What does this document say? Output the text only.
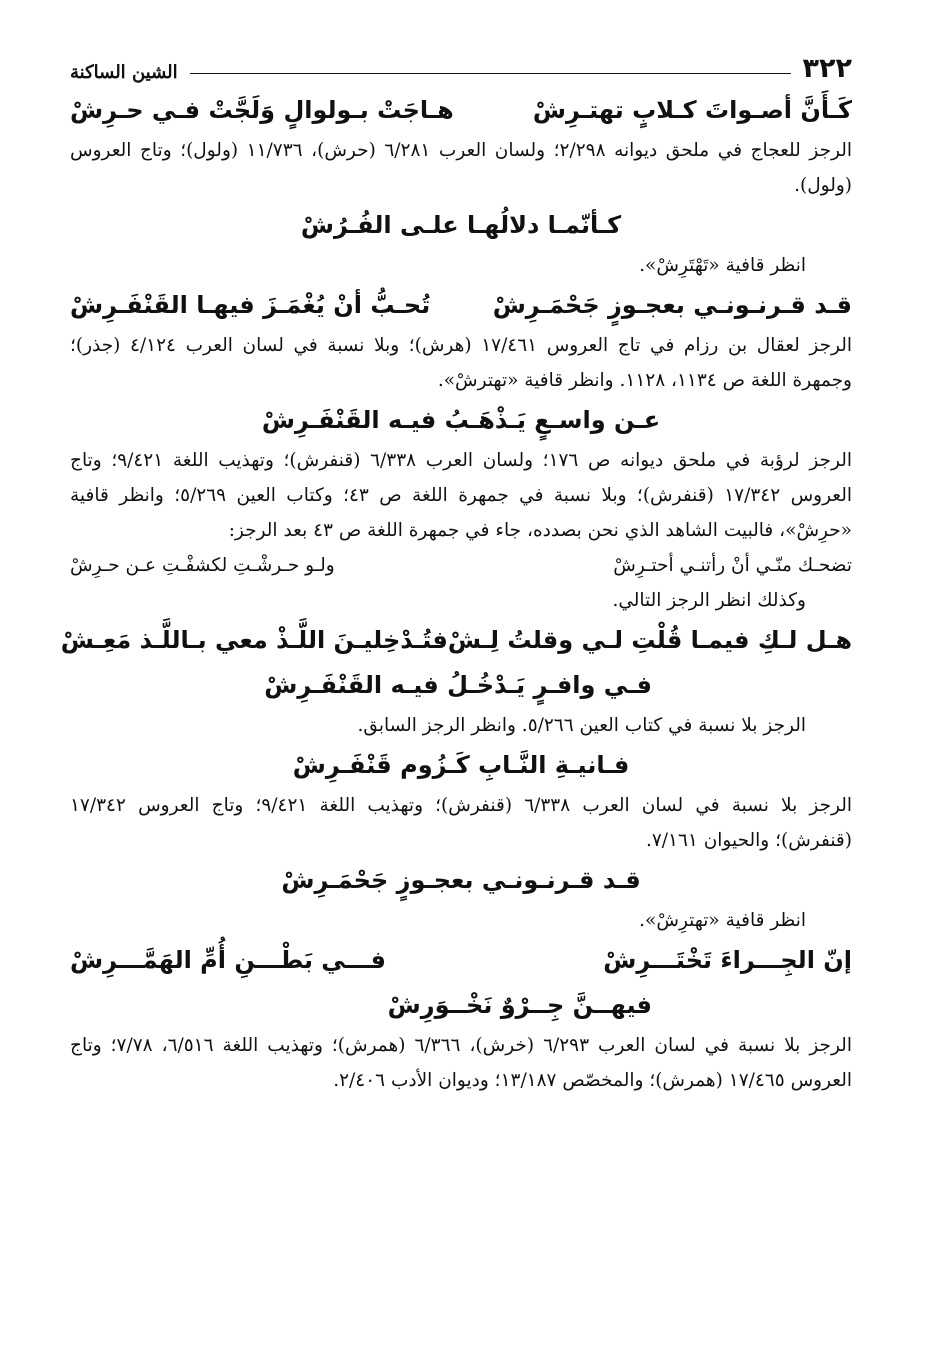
٣٢٢
الشين الساكنة
كَـأَنَّ أصـواتَ كـلابٍ تهتـرِشْ
هـاجَتْ بـولوالٍ وَلَجَّتْ فـي حـرِشْ

الرجز للعجاج في ملحق ديوانه ٢/٢٩٨؛ ولسان العرب ٦/٢٨١ (حرش)، ١١/٧٣٦ (ولول)؛ وتاج العروس (ولول).

كـأنّمـا دلالُهـا علـى الفُـرُشْ

انظر قافية «تَهْتَرِشْ».

قـد قـرنـونـي بعجـوزٍ جَحْمَـرِشْ
تُحـبُّ أنْ يُغْمَـزَ فيهـا القَنْفَـرِشْ

الرجز لعقال بن رزام في تاج العروس ١٧/٤٦١ (هرش)؛ وبلا نسبة في لسان العرب ٤/١٢٤ (جذر)؛ وجمهرة اللغة ص ١١٣٤، ١١٢٨. وانظر قافية «تهترشْ».

عـن واسـعٍ يَـذْهَـبُ فيـه القَنْفَـرِشْ

الرجز لرؤبة في ملحق ديوانه ص ١٧٦؛ ولسان العرب ٦/٣٣٨ (قنفرش)؛ وتهذيب اللغة ٩/٤٢١؛ وتاج العروس ١٧/٣٤٢ (قنفرش)؛ وبلا نسبة في جمهرة اللغة ص ٤٣؛ وكتاب العين ٥/٢٦٩؛ وانظر قافية «حرِشْ»، فالبيت الشاهد الذي نحن بصدده، جاء في جمهرة اللغة ص ٤٣ بعد الرجز:

تضحـك منّـي أنْ رأتنـي أحتـرِشْ
ولـو حـرشْـتِ لكشفْـتِ عـن حـرِشْ

وكذلك انظر الرجز التالي.

هـل لـكِ فيمـا قُلْتِ لـي وقلتُ لِـشْ
فتُـدْخِليـنَ اللَّـذْ معي بـاللَّـذ مَعِـشْ
فـي وافـرٍ يَـدْخُـلُ فيـه القَنْفَـرِشْ

الرجز بلا نسبة في كتاب العين ٥/٢٦٦. وانظر الرجز السابق.

فـانيـةِ النَّـابِ كَـزُوم قَنْفَـرِشْ

الرجز بلا نسبة في لسان العرب ٦/٣٣٨ (قنفرش)؛ وتهذيب اللغة ٩/٤٢١؛ وتاج العروس ١٧/٣٤٢ (قنفرش)؛ والحيوان ٧/١٦١.

قـد قـرنـونـي بعجـوزٍ جَحْمَـرِشْ

انظر قافية «تهترِشْ».

إنّ الجِـــراءَ تَخْتَـــرِشْ
فـــي بَطْـــنِ أُمِّ الهَمَّـــرِشْ
فيهــنَّ جِــرْوٌ نَخْــوَرِشْ

الرجز بلا نسبة في لسان العرب ٦/٢٩٣ (خرش)، ٦/٣٦٦ (همرش)؛ وتهذيب اللغة ٦/٥١٦، ٧/٧٨؛ وتاج العروس ١٧/٤٦٥ (همرش)؛ والمخصّص ١٣/١٨٧؛ وديوان الأدب ٢/٤٠٦.
